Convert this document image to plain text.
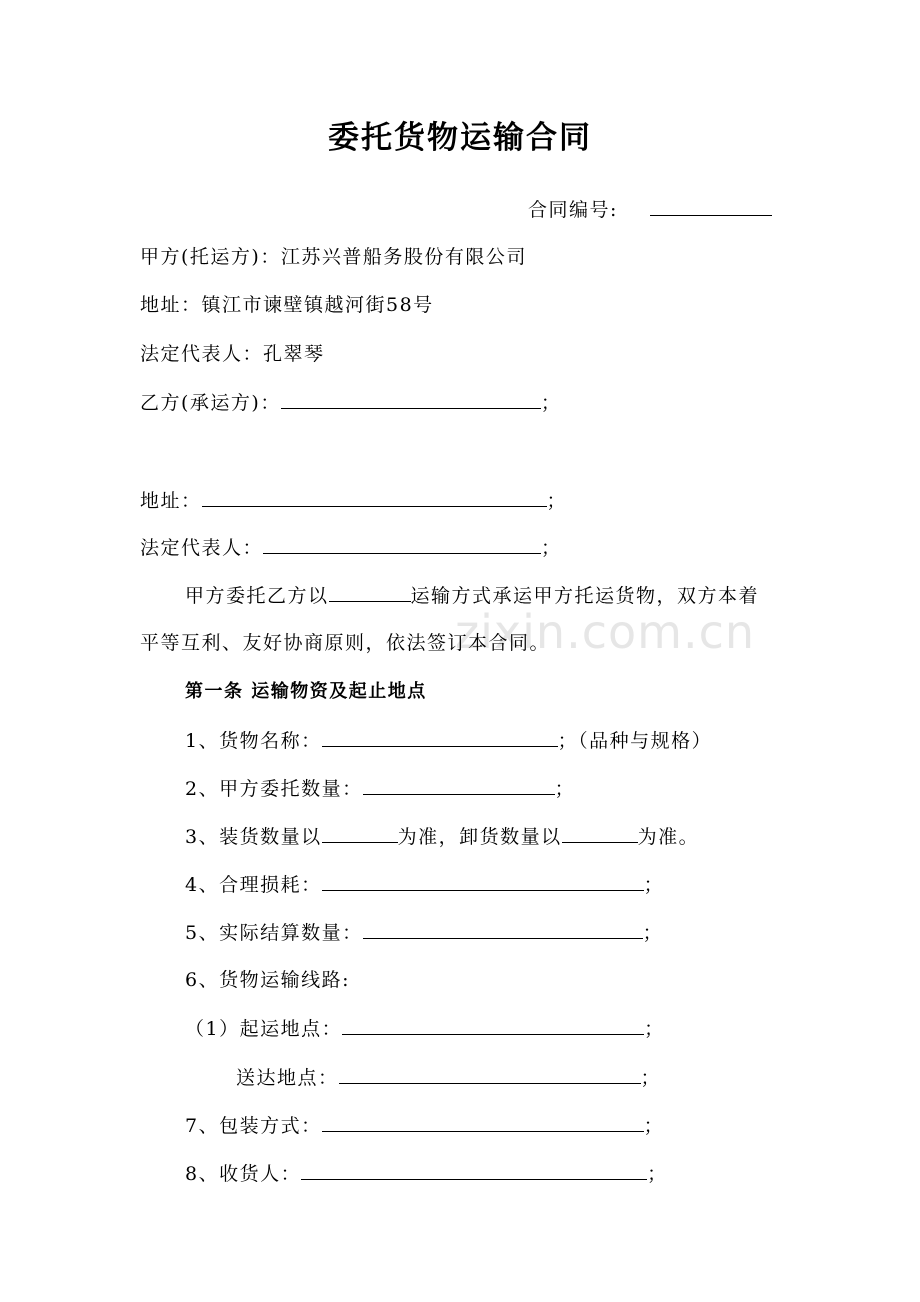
zixin.com.cn
委托货物运输合同
合同编号:
甲方(托运方)：江苏兴普船务股份有限公司
地址：镇江市谏壁镇越河街58号
法定代表人：孔翠琴
乙方(承运方)：	；
地址：	；
法定代表人：	；
甲方委托乙方以	运输方式承运甲方托运货物，双方本着
平等互利、友好协商原则，依法签订本合同。
第一条 运输物资及起止地点
1、货物名称：	；（品种与规格）
2、甲方委托数量：	；
3、装货数量以	为准，卸货数量以	为准。
4、合理损耗：	；
5、实际结算数量：	；
6、货物运输线路:
（1）起运地点：	；
送达地点：	；
7、包装方式：	；
8、收货人：	；
